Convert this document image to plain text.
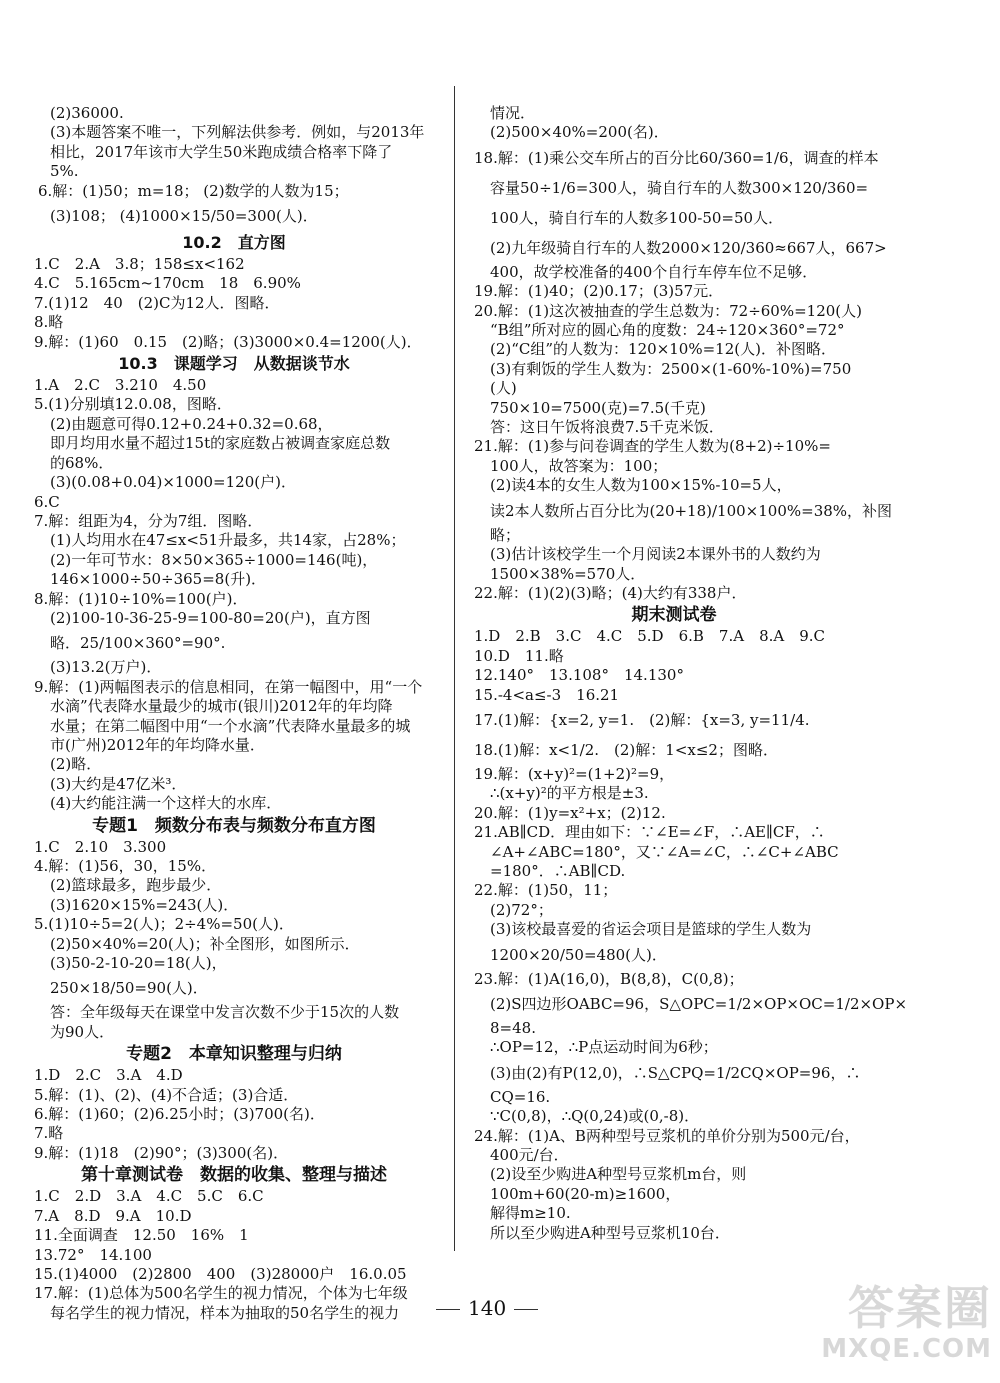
(2)36000.
(3)本题答案不唯一，下列解法供参考．例如，与2013年
相比，2017年该市大学生50米跑成绩合格率下降了
5%.
6.解：(1)50；m=18； (2)数学的人数为15；
(3)108； (4)1000×15/50=300(人)．
10.2　直方图
1.C　2.A　3.8；158≤x<162
4.C　5.165cm~170cm　18　6.90%
7.(1)12　40　(2)C为12人．图略．
8.略
9.解：(1)60　0.15　(2)略；(3)3000×0.4=1200(人)．
10.3　课题学习　从数据谈节水
1.A　2.C　3.210　4.50
5.(1)分别填12.0.08，图略．
(2)由题意可得0.12+0.24+0.32=0.68，
即月均用水量不超过15t的家庭数占被调查家庭总数
的68%．
(3)(0.08+0.04)×1000=120(户)．
6.C
7.解：组距为4，分为7组．图略．
(1)人均用水在47≤x<51升最多，共14家，占28%；
(2)一年可节水：8×50×365÷1000=146(吨)，
146×1000÷50÷365=8(升)．
8.解：(1)10÷10%=100(户)．
(2)100-10-36-25-9=100-80=20(户)，直方图
略．25/100×360°=90°.
(3)13.2(万户)．
9.解：(1)两幅图表示的信息相同，在第一幅图中，用“一个
水滴”代表降水量最少的城市(银川)2012年的年均降
水量；在第二幅图中用“一个水滴”代表降水量最多的城
市(广州)2012年的年均降水量．
(2)略．
(3)大约是47亿米³．
(4)大约能注满一个这样大的水库．
专题1　频数分布表与频数分布直方图
1.C　2.10　3.300
4.解：(1)56，30，15%．
(2)篮球最多，跑步最少．
(3)1620×15%=243(人)．
5.(1)10÷5=2(人)；2÷4%=50(人)．
(2)50×40%=20(人)；补全图形，如图所示．
(3)50-2-10-20=18(人)，
250×18/50=90(人)．
答：全年级每天在课堂中发言次数不少于15次的人数
为90人．
专题2　本章知识整理与归纳
1.D　2.C　3.A　4.D
5.解：(1)、(2)、(4)不合适；(3)合适．
6.解：(1)60；(2)6.25小时；(3)700(名)．
7.略
9.解：(1)18　(2)90°；(3)300(名)．
第十章测试卷　数据的收集、整理与描述
1.C　2.D　3.A　4.C　5.C　6.C
7.A　8.D　9.A　10.D
11.全面调查　12.50　16%　1
13.72°　14.100
15.(1)4000　(2)2800　400　(3)28000户　16.0.05
17.解：(1)总体为500名学生的视力情况，个体为七年级
每名学生的视力情况，样本为抽取的50名学生的视力
情况．
(2)500×40%=200(名)．
18.解：(1)乘公交车所占的百分比60/360=1/6，调查的样本
容量50÷1/6=300人，骑自行车的人数300×120/360=
100人，骑自行车的人数多100-50=50人．
(2)九年级骑自行车的人数2000×120/360≈667人，667>
400，故学校准备的400个自行车停车位不足够．
19.解：(1)40；(2)0.17；(3)57元．
20.解：(1)这次被抽查的学生总数为：72÷60%=120(人)
“B组”所对应的圆心角的度数：24÷120×360°=72°
(2)“C组”的人数为：120×10%=12(人)．补图略．
(3)有剩饭的学生人数为：2500×(1-60%-10%)=750
(人)
750×10=7500(克)=7.5(千克)
答：这日午饭将浪费7.5千克米饭．
21.解：(1)参与问卷调查的学生人数为(8+2)÷10%=
100人，故答案为：100；
(2)读4本的女生人数为100×15%-10=5人，
读2本人数所占百分比为(20+18)/100×100%=38%，补图
略；
(3)估计该校学生一个月阅读2本课外书的人数约为
1500×38%=570人．
22.解：(1)(2)(3)略；(4)大约有338户．
期末测试卷
1.D　2.B　3.C　4.C　5.D　6.B　7.A　8.A　9.C
10.D　11.略
12.140°　13.108°　14.130°
15.-4<a≤-3　16.21
17.(1)解：{x=2, y=1.　(2)解：{x=3, y=11/4.
18.(1)解：x<1/2.　(2)解：1<x≤2；图略．
19.解：(x+y)²=(1+2)²=9，
∴(x+y)²的平方根是±3.
20.解：(1)y=x²+x；(2)12.
21.AB∥CD．理由如下：∵∠E=∠F，∴AE∥CF，∴
∠A+∠ABC=180°，又∵∠A=∠C，∴∠C+∠ABC
=180°．∴AB∥CD.
22.解：(1)50，11；
(2)72°；
(3)该校最喜爱的省运会项目是篮球的学生人数为
1200×20/50=480(人)．
23.解：(1)A(16,0)，B(8,8)，C(0,8)；
(2)S四边形OABC=96，S△OPC=1/2×OP×OC=1/2×OP×
8=48.
∴OP=12，∴P点运动时间为6秒；
(3)由(2)有P(12,0)，∴S△CPQ=1/2CQ×OP=96，∴
CQ=16.
∵C(0,8)，∴Q(0,24)或(0,-8)．
24.解：(1)A、B两种型号豆浆机的单价分别为500元/台，
400元/台．
(2)设至少购进A种型号豆浆机m台，则
100m+60(20-m)≥1600，
解得m≥10.
所以至少购进A种型号豆浆机10台．
140	答案圈
MXQE.COM
